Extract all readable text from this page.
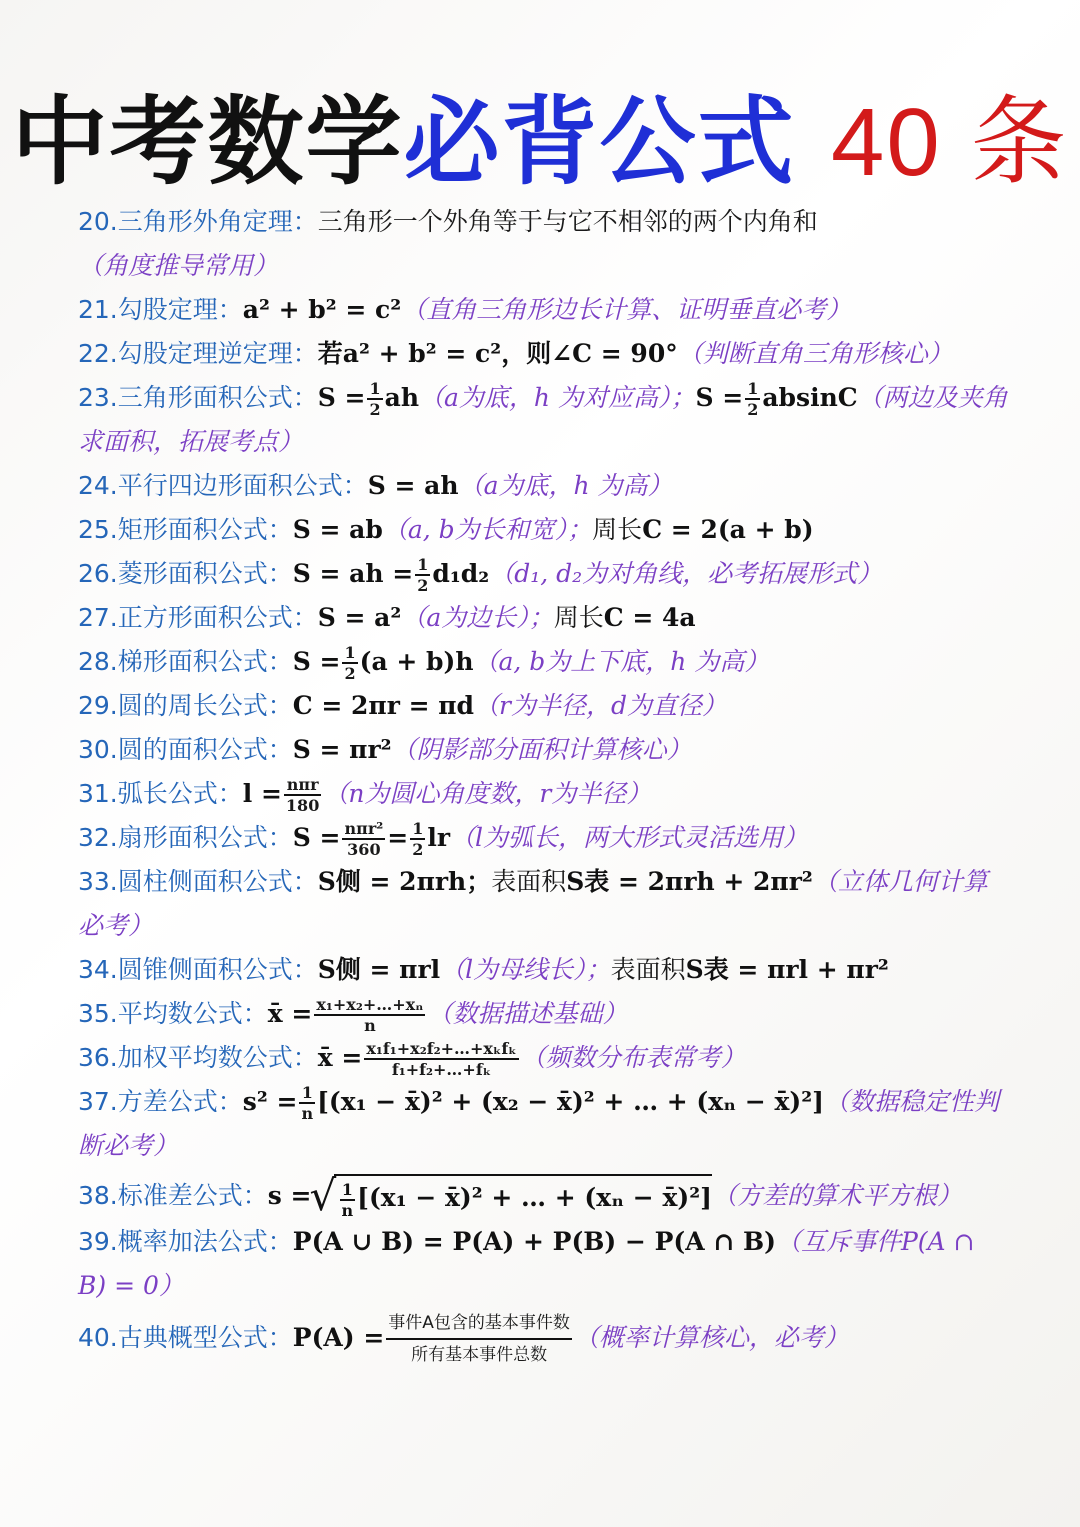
中考数学必背公式 40 条

20.三角形外角定理：三角形一个外角等于与它不相邻的两个内角和（角度推导常用）

21.勾股定理：a² + b² = c²（直角三角形边长计算、证明垂直必考）

22.勾股定理逆定理：若a² + b² = c²，则∠C = 90°（判断直角三角形核心）

23.三角形面积公式：$S = \frac{1}{2} ah(a$为底，h 为对应高）；$S = \frac{1}{2} absinC$（两边及夹角求面积，拓展考点）

24.平行四边形面积公式：S = ah（a为底，h 为高）

25.矩形面积公式：S = ab（a, b为长和宽）；周长C = 2(a + b)

26.菱形面积公式：S = ah = $\frac{1}{2} d_1d_2(d_1$, d₂为对角线，必考拓展形式）

27.正方形面积公式：S = a²（a为边长）；周长C = 4a

28.梯形面积公式：$S = \frac{1}{2} (a + b)h(a$, b为上下底，h 为高）

29.圆的周长公式：C = 2πr = πd（r为半径，d为直径）

30.圆的面积公式：S = πr²（阴影部分面积计算核心）

31.弧长公式：$l = \frac{\text{nπr}}{180} (n$为圆心角度数，r为半径）

32.扇形面积公式：$S = \frac{\text{nπr²}}{360} = \frac{1}{2} lr(l$为弧长，两大形式灵活选用）

33.圆柱侧面积公式：S侧 = 2πrh；表面积S表 = 2πrh + 2πr²（立体几何计算必考）

34.圆锥侧面积公式：S侧 = πrl（l为母线长）；表面积S表 = πrl + πr²

35.平均数公式：x̄ = $\frac{\text{x₁+x₂+…+xₙ}}{n}$ （数据描述基础）

36.加权平均数公式：x̄ = $\frac{\text{x₁f₁+x₂f₂+…+xₖfₖ}}{\text{f₁+f₂+…+fₖ}}$ （频数分布表常考）

37.方差公式：$s^2 = \frac{1}{n} [(x_1$ − x̄)² + (x₂ − x̄)² + … + (xₙ − x̄)²]（数据稳定性判断必考）

38.标准差公式：s =
√ $\frac{1}{n} [(x_1$ − x̄)² + … + (xₙ − x̄)²]（方差的算术平方根）

39.概率加法公式：P(A ∪ B) = P(A) + P(B) − P(A ∩ B)（互斥事件P(A ∩ B) = 0）

40.古典概型公式：$P(A) = \frac{\text{事件A包含的基本事件数}}{\text{所有基本事件总数}}$ （概率计算核心，必考）
